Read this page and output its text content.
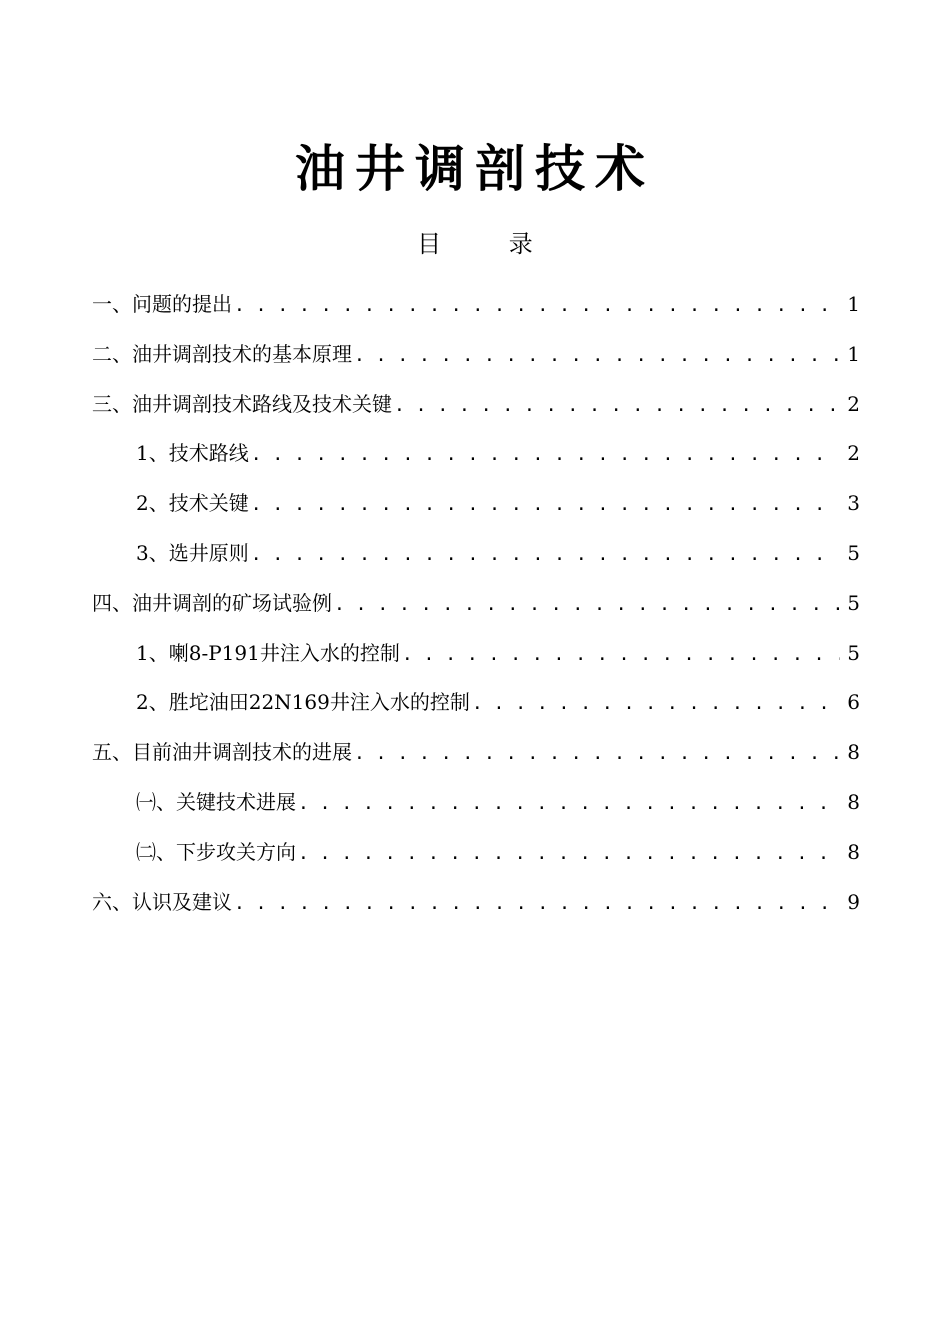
油井调剖技术
目 录
一、问题的提出 . . .	1
二、油井调剖技术的基本原理 . . .	1
三、油井调剖技术路线及技术关键 . . .	2
1、技术路线 . . .	2
2、技术关键 . . .	3
3、选井原则 . . .	5
四、油井调剖的矿场试验例 . . .	5
1、喇8-P191井注入水的控制 . . .	5
2、胜坨油田22N169井注入水的控制 . . .	6
五、目前油井调剖技术的进展 . . .	8
㈠、关键技术进展 . . .	8
㈡、下步攻关方向 . . .	8
六、认识及建议 . . .	9
